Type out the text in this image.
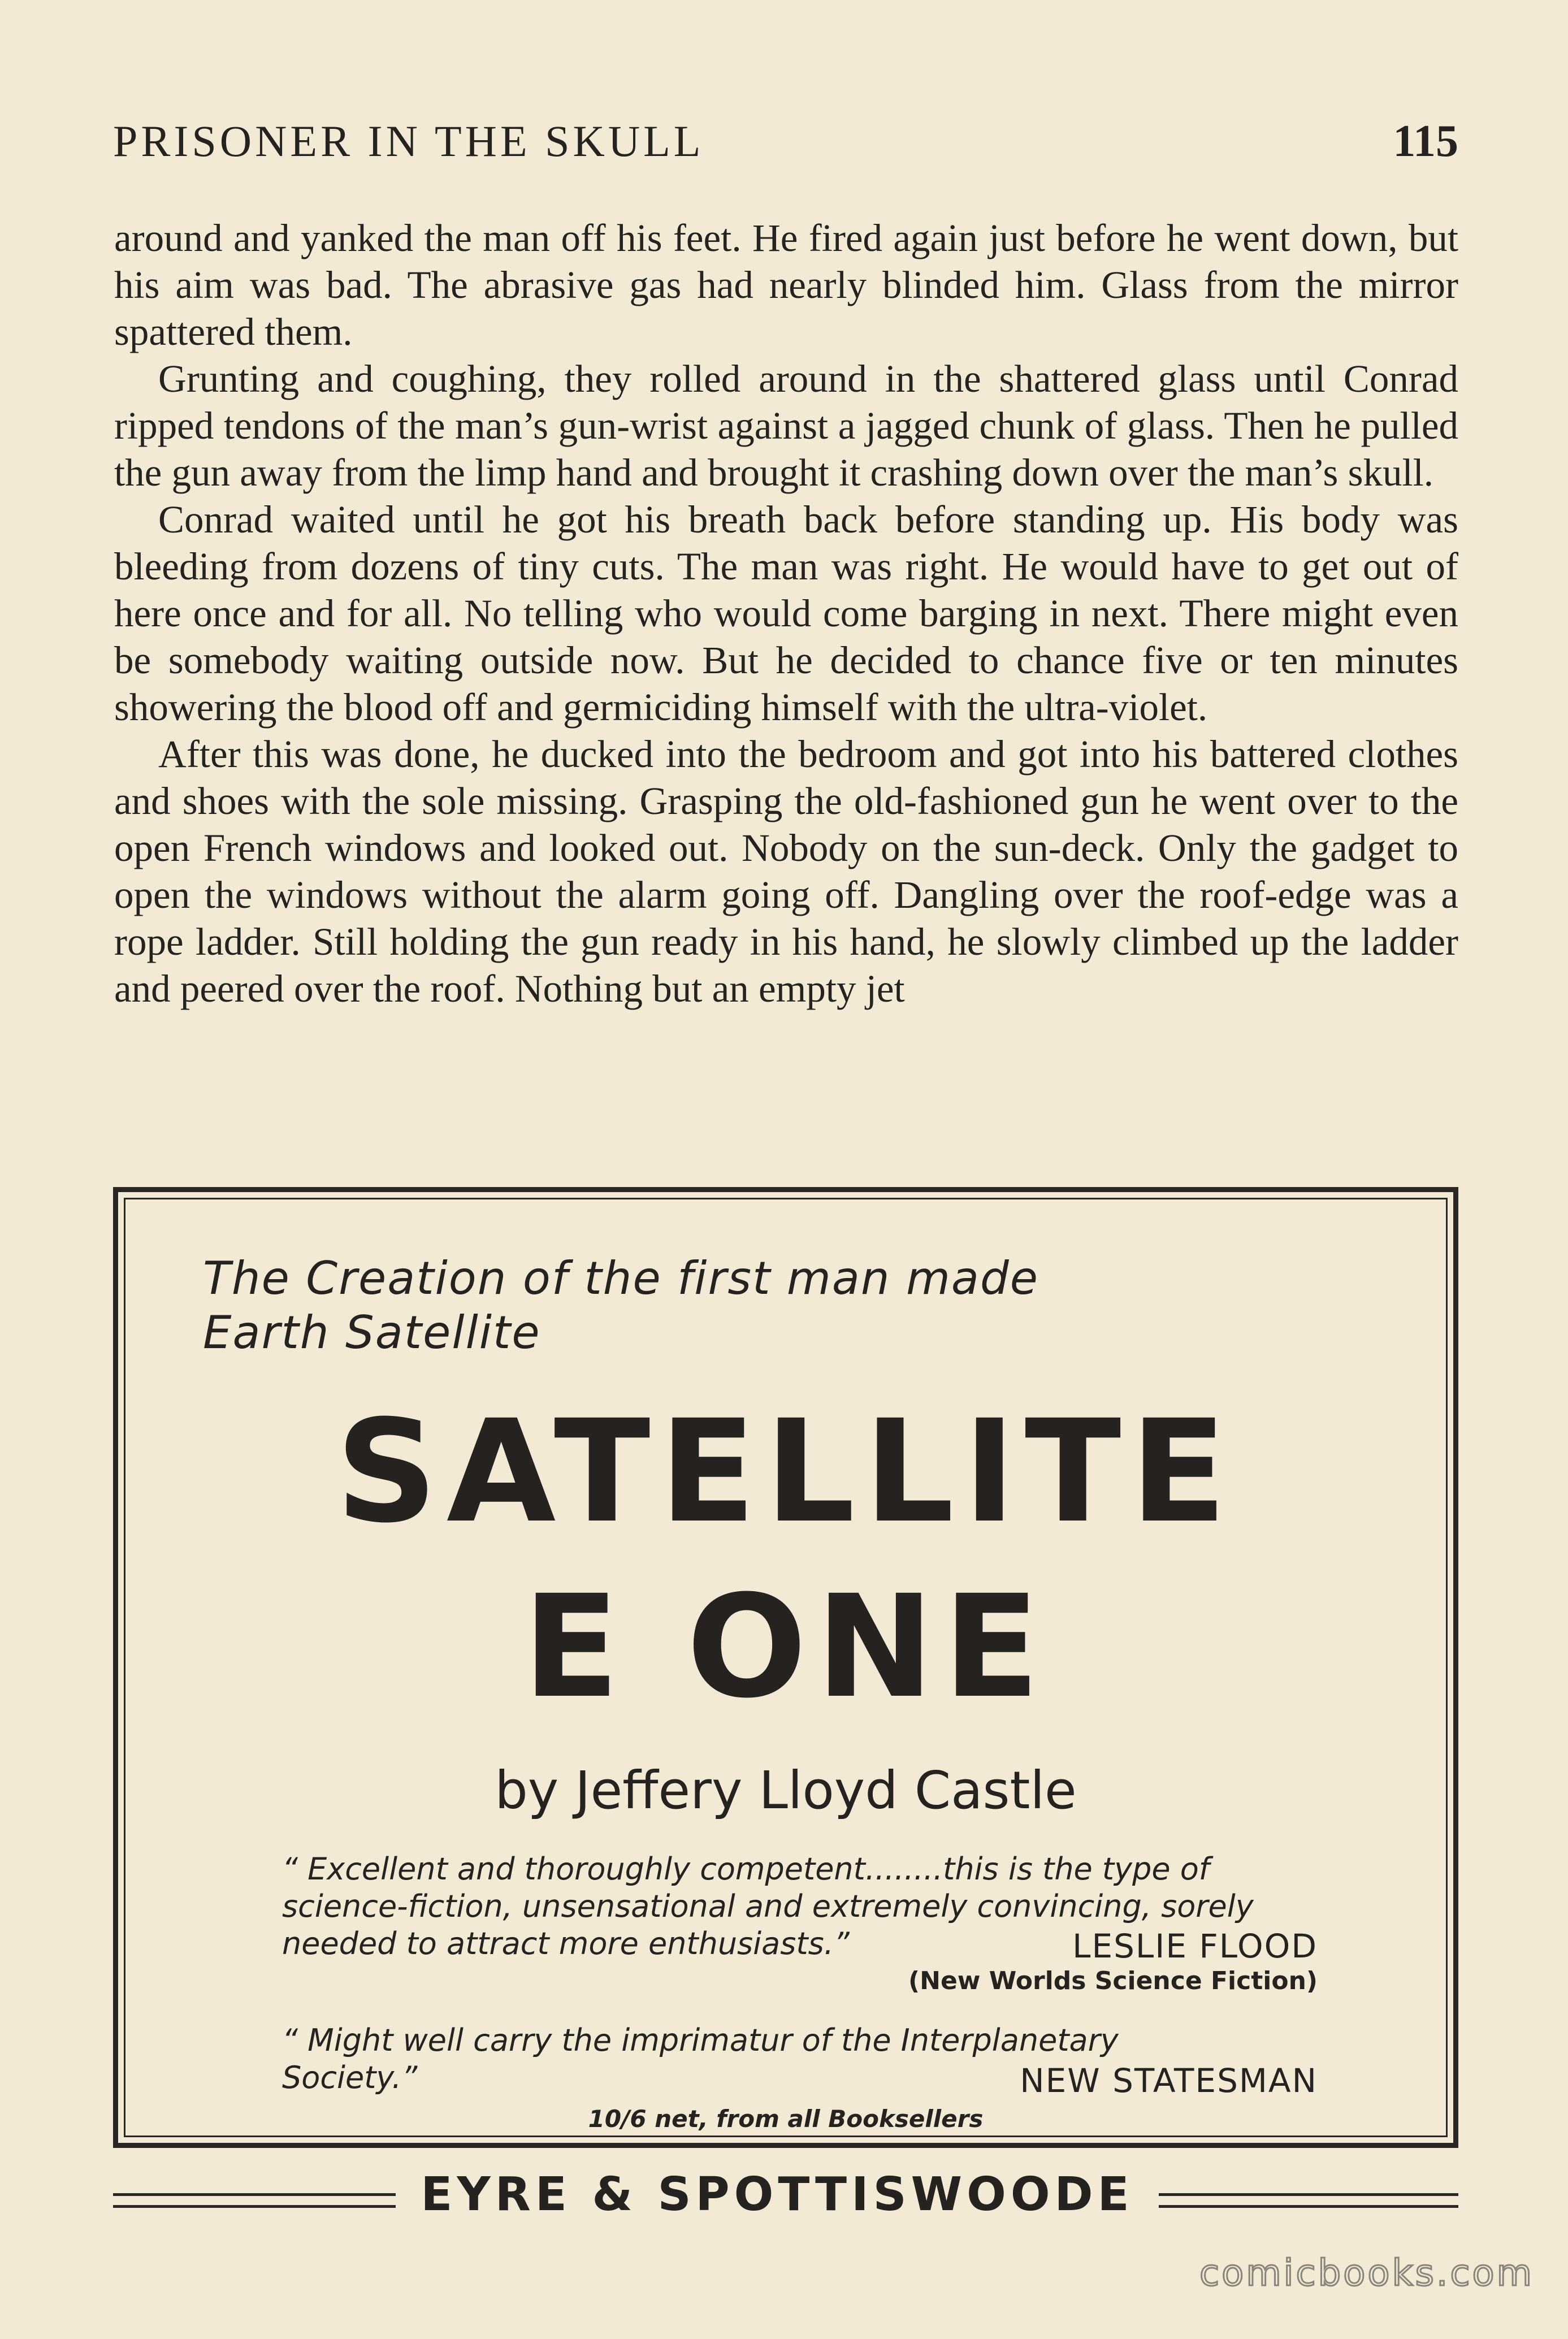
PRISONER IN THE SKULL	115

around and yanked the man off his feet. He fired again just before he went down, but his aim was bad. The abrasive gas had nearly blinded him. Glass from the mirror spattered them.

Grunting and coughing, they rolled around in the shattered glass until Conrad ripped tendons of the man’s gun-wrist against a jagged chunk of glass. Then he pulled the gun away from the limp hand and brought it crashing down over the man’s skull.

Conrad waited until he got his breath back before standing up. His body was bleeding from dozens of tiny cuts. The man was right. He would have to get out of here once and for all. No telling who would come barging in next. There might even be somebody waiting outside now. But he decided to chance five or ten minutes showering the blood off and germiciding himself with the ultra-violet.

After this was done, he ducked into the bedroom and got into his battered clothes and shoes with the sole missing. Grasping the old-fashioned gun he went over to the open French windows and looked out. Nobody on the sun-deck. Only the gadget to open the windows without the alarm going off. Dangling over the roof-edge was a rope ladder. Still holding the gun ready in his hand, he slowly climbed up the ladder and peered over the roof. Nothing but an empty jet

The Creation of the first man made
Earth Satellite
SATELLITE
E ONE
by Jeffery Lloyd Castle
“ Excellent and thoroughly competent........this is the type of
science-fiction, unsensational and extremely convincing, sorely
needed to attract more enthusiasts.”	LESLIE FLOOD
(New Worlds Science Fiction)
“ Might well carry the imprimatur of the Interplanetary
Society.”	NEW STATESMAN
10/6 net, from all Booksellers
EYRE & SPOTTISWOODE
comicbooks.com
